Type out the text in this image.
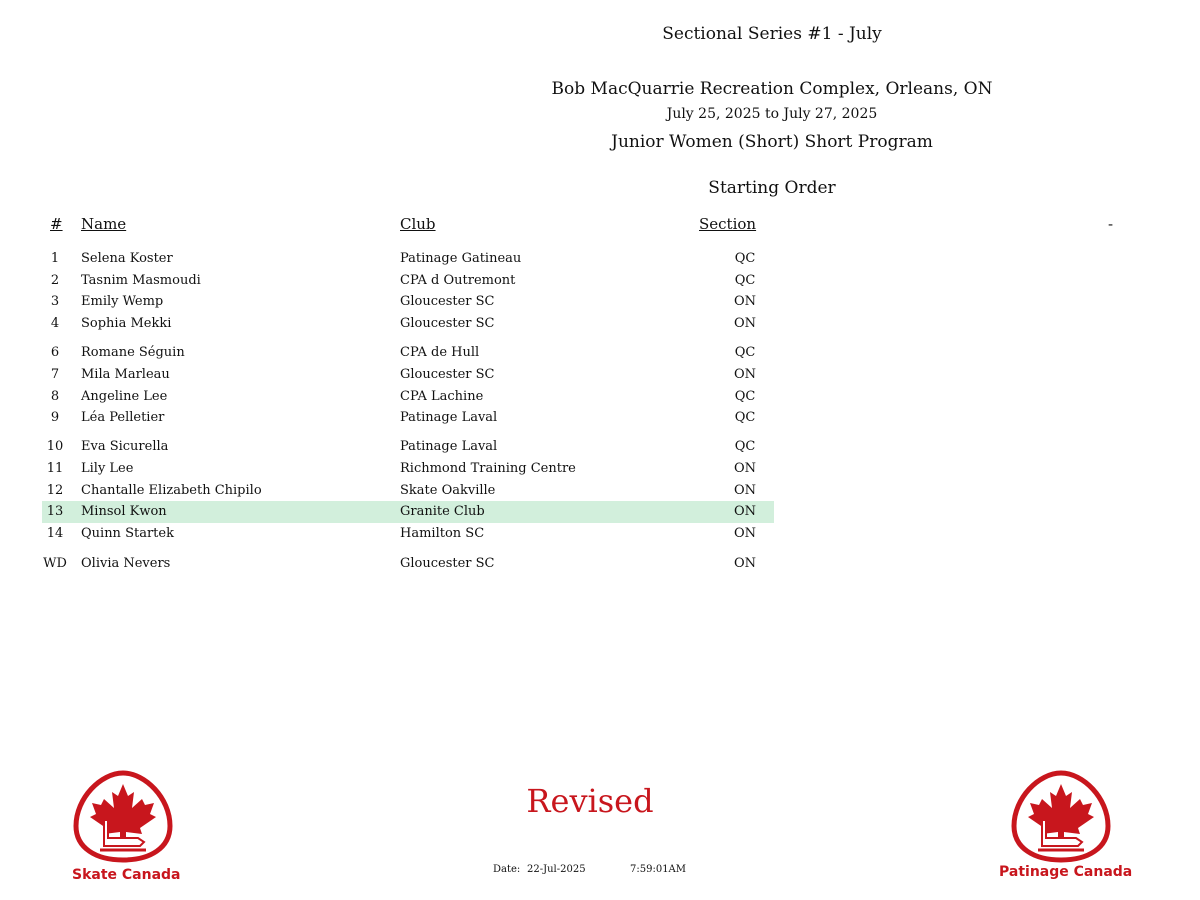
Sectional Series #1 - July
Bob MacQuarrie Recreation Complex, Orleans, ON
July 25, 2025 to July 27, 2025
Junior Women (Short) Short Program
Starting Order
# Name	Club	Section	-
1	Selena Koster	Patinage Gatineau	QC
2	Tasnim Masmoudi	CPA d Outremont	QC
3	Emily Wemp	Gloucester SC	ON
4	Sophia Mekki	Gloucester SC	ON
6	Romane Séguin	CPA de Hull	QC
7	Mila Marleau	Gloucester SC	ON
8	Angeline Lee	CPA Lachine	QC
9	Léa Pelletier	Patinage Laval	QC
10	Eva Sicurella	Patinage Laval	QC
11	Lily Lee	Richmond Training Centre	ON
12	Chantalle Elizabeth Chipilo	Skate Oakville	ON
13	Minsol Kwon	Granite Club	ON
14	Quinn Startek	Hamilton SC	ON
WD Olivia Nevers	Gloucester SC	ON
Revised
Date: 22-Jul-2025	7:59:01AM
Skate Canada	Patinage Canada
